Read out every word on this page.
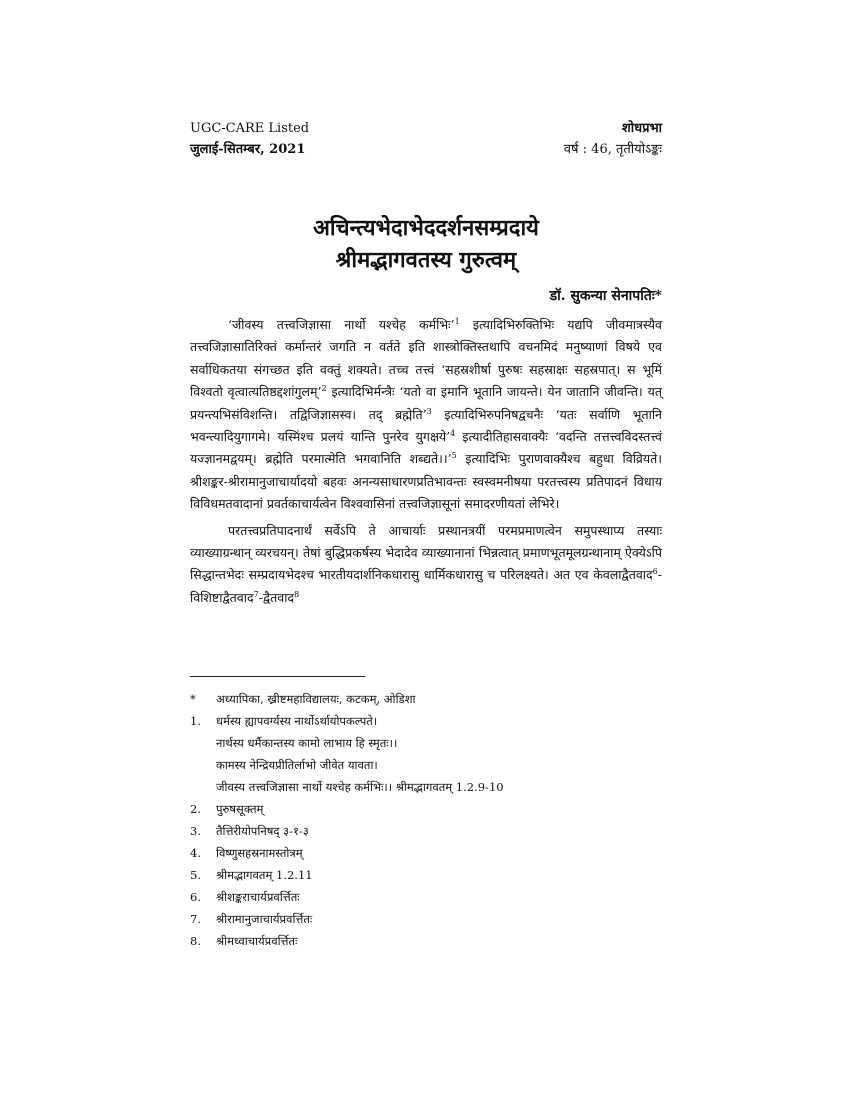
UGC-CARE Listed	शोधप्रभा
जुलाई-सितम्बर, 2021	वर्ष : 46, तृतीयोऽङ्कः
अचिन्त्यभेदाभेददर्शनसम्प्रदाये
श्रीमद्भागवतस्य गुरुत्वम्
डॉ. सुकन्या सेनापतिः*

‘जीवस्य तत्त्वजिज्ञासा नार्थो यश्चेह कर्मभिः’$^1$ इत्यादिभिरुक्तिभिः यद्यपि जीवमात्रस्यैव तत्त्वजिज्ञासातिरिक्तं कर्मान्तरं जगति न वर्तते इति शास्त्रोक्तिस्तथापि वचनमिदं मनुष्याणां विषये एव सर्वाधिकतया संगच्छत इति वक्तुं शक्यते। तच्च तत्त्वं ‘सहस्रशीर्षा पुरुषः सहस्राक्षः सहस्रपात्। स भूमिं विश्वतो वृत्वात्यतिष्ठद्दशांगुलम्’$^2$ इत्यादिभिर्मन्त्रैः ‘यतो वा इमानि भूतानि जायन्ते। येन जातानि जीवन्ति। यत् प्रयन्त्यभिसंविशन्ति। तद्विजिज्ञासस्व। तद् ब्रह्मेति’$^3$ इत्यादिभिरुपनिषद्वचनैः ‘यतः सर्वाणि भूतानि भवन्त्यादियुगागमे। यस्मिंश्च प्रलयं यान्ति पुनरेव युगक्षये’$^4$ इत्यादीतिहासवाक्यैः ‘वदन्ति तत्तत्त्वविदस्तत्त्वं यज्ज्ञानमद्वयम्। ब्रह्मेति परमात्मेति भगवानिति शब्द्यते।।’$^5$ इत्यादिभिः पुराणवाक्यैश्च बहुधा विव्रियते। श्रीशङ्कर-श्रीरामानुजाचार्यादयो बहवः अनन्यसाधारणप्रतिभावन्तः स्वस्वमनीषया परतत्त्वस्य प्रतिपादनं विधाय विविधमतवादानां प्रवर्तकाचार्यत्वेन विश्ववासिनां तत्त्वजिज्ञासूनां समादरणीयतां लेभिरे।

परतत्त्वप्रतिपादनार्थं सर्वेऽपि ते आचार्याः प्रस्थानत्रयीं परमप्रमाणत्वेन समुपस्थाप्य तस्याः व्याख्याग्रन्थान् व्यरचयन्। तेषां बुद्धिप्रकर्षस्य भेदादेव व्याख्यानानां भिन्नत्वात् प्रमाणभूतमूलग्रन्थानाम् ऐक्येऽपि सिद्धान्तभेदः सम्प्रदायभेदश्च भारतीयदार्शनिकधारासु धार्मिकधारासु च परिलक्ष्यते। अत एव केवलाद्वैतवाद$^6$-विशिष्टाद्वैतवाद$^7$-द्वैतवाद$^8$

*	अध्यापिका, ख्रीष्टमहाविद्यालयः, कटकम्, ओडिशा
1.	धर्मस्य ह्यापवर्ग्यस्य नार्थोऽर्थायोपकल्पते।
नार्थस्य धर्मैकान्तस्य कामो लाभाय हि स्मृतः।।
कामस्य नेन्द्रियप्रीतिर्लाभो जीवेत यावता।
जीवस्य तत्त्वजिज्ञासा नार्थो यश्चेह कर्मभिः।। श्रीमद्भागवतम् 1.2.9-10
2.	पुरुषसूक्तम्
3.	तैत्तिरीयोपनिषद् ३-१-३
4.	विष्णुसहस्रनामस्तोत्रम्
5.	श्रीमद्भागवतम् 1.2.11
6.	श्रीशङ्कराचार्यप्रवर्त्तितः
7.	श्रीरामानुजाचार्यप्रवर्त्तितः
8.	श्रीमध्वाचार्यप्रवर्त्तितः
